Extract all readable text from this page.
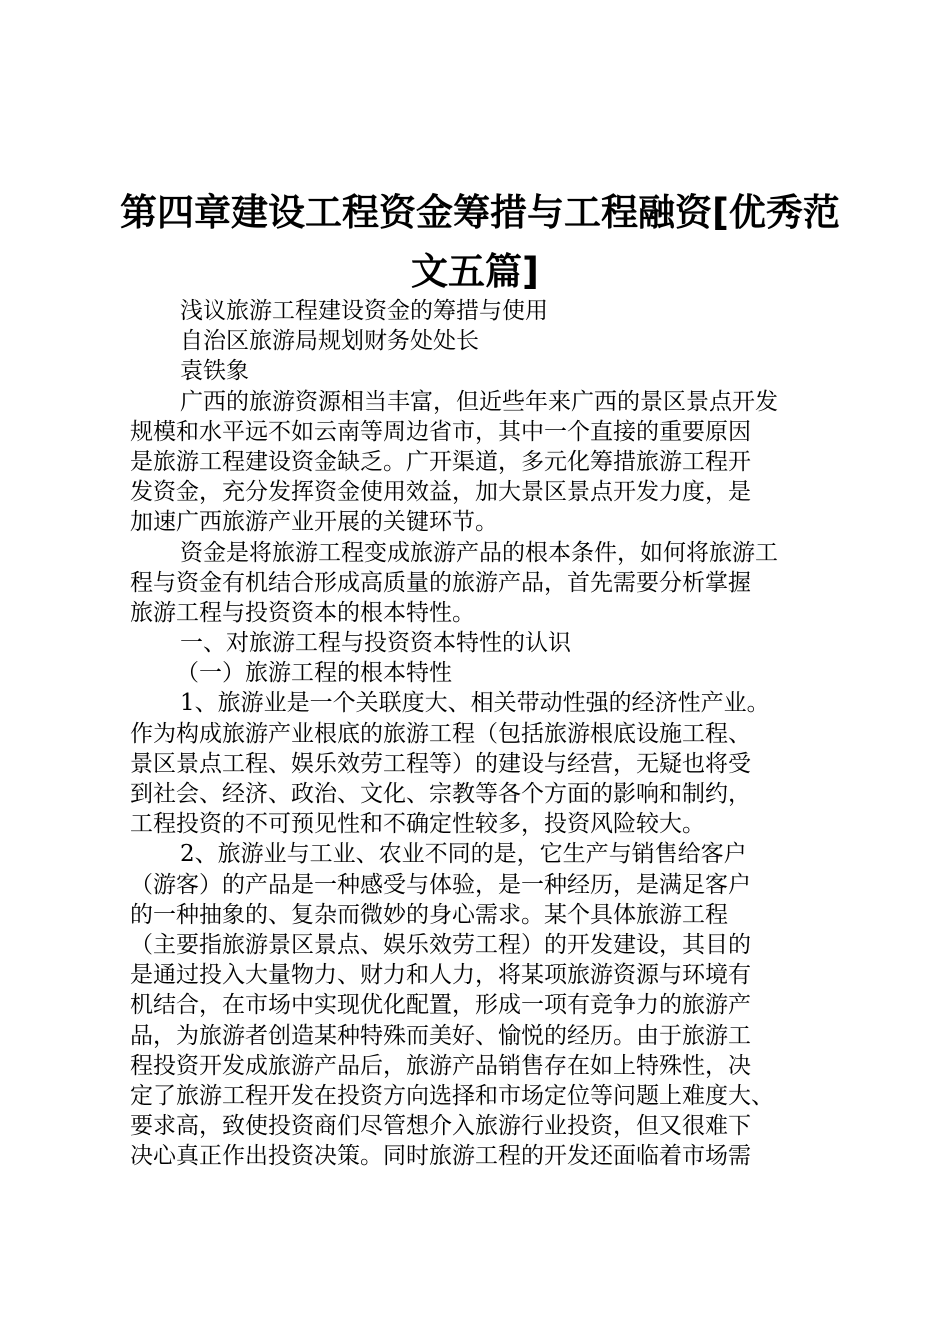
第四章建设工程资金筹措与工程融资[优秀范
文五篇]
浅议旅游工程建设资金的筹措与使用
自治区旅游局规划财务处处长
袁铁象
广西的旅游资源相当丰富，但近些年来广西的景区景点开发
规模和水平远不如云南等周边省市，其中一个直接的重要原因
是旅游工程建设资金缺乏。广开渠道，多元化筹措旅游工程开
发资金，充分发挥资金使用效益，加大景区景点开发力度，是
加速广西旅游产业开展的关键环节。
资金是将旅游工程变成旅游产品的根本条件，如何将旅游工
程与资金有机结合形成高质量的旅游产品，首先需要分析掌握
旅游工程与投资资本的根本特性。
一、对旅游工程与投资资本特性的认识
（一）旅游工程的根本特性
1、旅游业是一个关联度大、相关带动性强的经济性产业。
作为构成旅游产业根底的旅游工程（包括旅游根底设施工程、
景区景点工程、娱乐效劳工程等）的建设与经营，无疑也将受
到社会、经济、政治、文化、宗教等各个方面的影响和制约，
工程投资的不可预见性和不确定性较多，投资风险较大。
2、旅游业与工业、农业不同的是，它生产与销售给客户
（游客）的产品是一种感受与体验，是一种经历，是满足客户
的一种抽象的、复杂而微妙的身心需求。某个具体旅游工程
（主要指旅游景区景点、娱乐效劳工程）的开发建设，其目的
是通过投入大量物力、财力和人力，将某项旅游资源与环境有
机结合，在市场中实现优化配置，形成一项有竞争力的旅游产
品，为旅游者创造某种特殊而美好、愉悦的经历。由于旅游工
程投资开发成旅游产品后，旅游产品销售存在如上特殊性，决
定了旅游工程开发在投资方向选择和市场定位等问题上难度大、
要求高，致使投资商们尽管想介入旅游行业投资，但又很难下
决心真正作出投资决策。同时旅游工程的开发还面临着市场需
